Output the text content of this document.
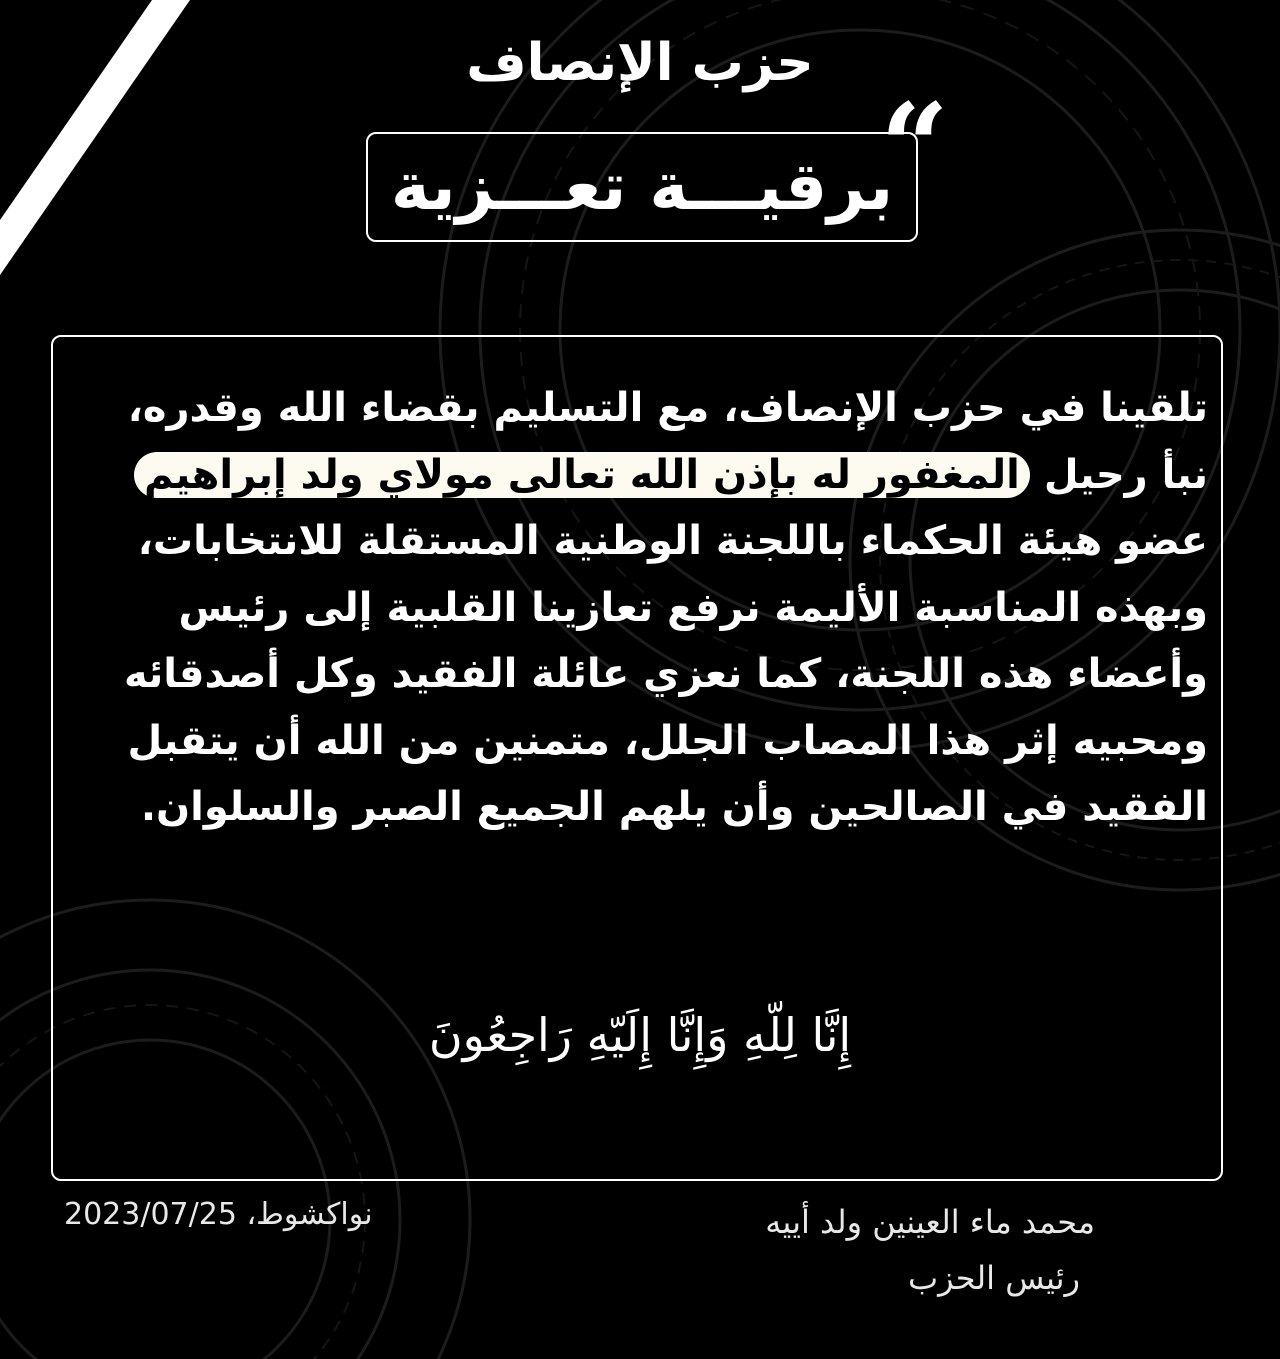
حزب الإنصاف
برقيـــة تعـــزية
“
تلقينا في حزب الإنصاف، مع التسليم بقضاء الله وقدره،
نبأ رحيل المغفور له بإذن الله تعالى مولاي ولد إبراهيم
عضو هيئة الحكماء باللجنة الوطنية المستقلة للانتخابات،
وبهذه المناسبة الأليمة نرفع تعازينا القلبية إلى رئيس
وأعضاء هذه اللجنة، كما نعزي عائلة الفقيد وكل أصدقائه
ومحبيه إثر هذا المصاب الجلل، متمنين من الله أن يتقبل
الفقيد في الصالحين وأن يلهم الجميع الصبر والسلوان.

إِنَّا لِلّهِ وَإِنَّا إِلَيّهِ رَاجِعُونَ

نواكشوط، 2023/07/25	محمد ماء العينين ولد أييه
رئيس الحزب
